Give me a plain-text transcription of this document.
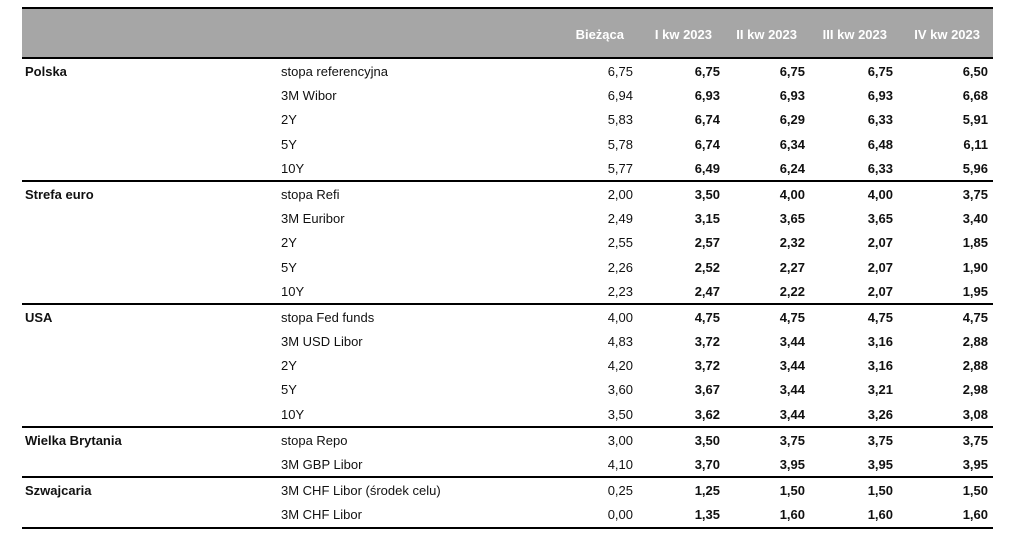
Bieżąca	I kw 2023	II kw 2023	III kw 2023	IV kw 2023
Polska	stopa referencyjna	6,75	6,75	6,75	6,75	6,50
3M Wibor	6,94	6,93	6,93	6,93	6,68
2Y	5,83	6,74	6,29	6,33	5,91
5Y	5,78	6,74	6,34	6,48	6,11
10Y	5,77	6,49	6,24	6,33	5,96
Strefa euro	stopa Refi	2,00	3,50	4,00	4,00	3,75
3M Euribor	2,49	3,15	3,65	3,65	3,40
2Y	2,55	2,57	2,32	2,07	1,85
5Y	2,26	2,52	2,27	2,07	1,90
10Y	2,23	2,47	2,22	2,07	1,95
USA	stopa Fed funds	4,00	4,75	4,75	4,75	4,75
3M USD Libor	4,83	3,72	3,44	3,16	2,88
2Y	4,20	3,72	3,44	3,16	2,88
5Y	3,60	3,67	3,44	3,21	2,98
10Y	3,50	3,62	3,44	3,26	3,08
Wielka Brytania	stopa Repo	3,00	3,50	3,75	3,75	3,75
3M GBP Libor	4,10	3,70	3,95	3,95	3,95
Szwajcaria	3M CHF Libor (środek celu)	0,25	1,25	1,50	1,50	1,50
3M CHF Libor	0,00	1,35	1,60	1,60	1,60
